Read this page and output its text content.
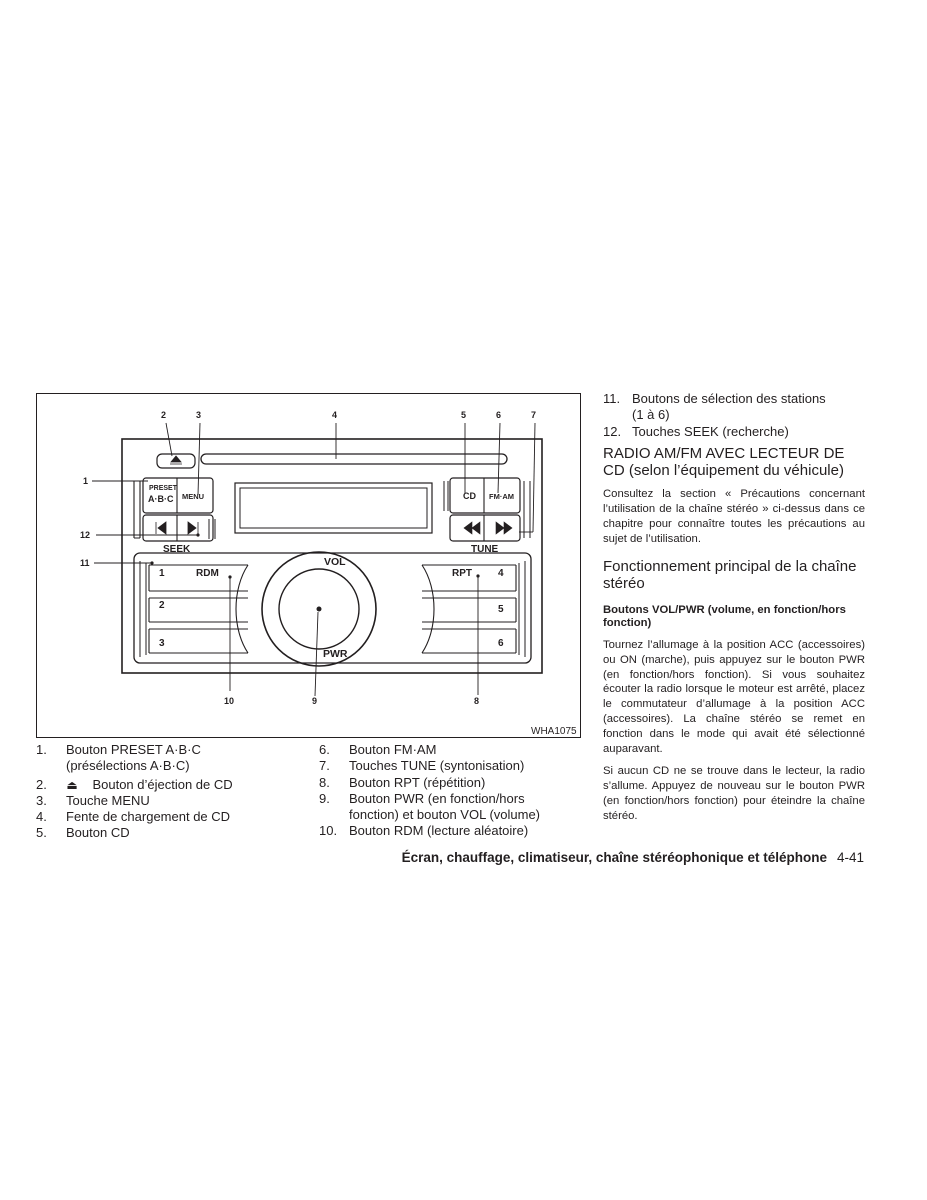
2	3	4	5	6	7
1
12
11
10	9	8
PRESET
A·B·C MENU	CD FM·AM
SEEK	TUNE
RDM	RPT
VOL
PWR
1
2
3
4
5
6
WHA1075
1.	Bouton PRESET A·B·C
(présélections A·B·C)
2.	⏏ Bouton d’éjection de CD
3.	Touche MENU
4.	Fente de chargement de CD
5.	Bouton CD
6.	Bouton FM·AM
7.	Touches TUNE (syntonisation)
8.	Bouton RPT (répétition)
9.	Bouton PWR (en fonction/hors
fonction) et bouton VOL (volume)
10. Bouton RDM (lecture aléatoire)
11. Boutons de sélection des stations
(1 à 6)
12. Touches SEEK (recherche)
RADIO AM/FM AVEC LECTEUR DE CD (selon l’équipement du véhicule)
Consultez la section « Précautions concernant l’utilisation de la chaîne stéréo » ci-dessus dans ce chapitre pour connaître toutes les précautions au sujet de l’utilisation.
Fonctionnement principal de la chaîne stéréo
Boutons VOL/PWR (volume, en fonction/hors fonction)
Tournez l’allumage à la position ACC (accessoires) ou ON (marche), puis appuyez sur le bouton PWR (en fonction/hors fonction). Si vous souhaitez écouter la radio lorsque le moteur est arrêté, placez le commutateur d’allumage à la position ACC (accessoires). La chaîne stéréo se remet en fonction dans le mode qui avait été sélectionné auparavant.
Si aucun CD ne se trouve dans le lecteur, la radio s’allume. Appuyez de nouveau sur le bouton PWR (en fonction/hors fonction) pour éteindre la chaîne stéréo.
Écran, chauffage, climatiseur, chaîne stéréophonique et téléphone 4-41
